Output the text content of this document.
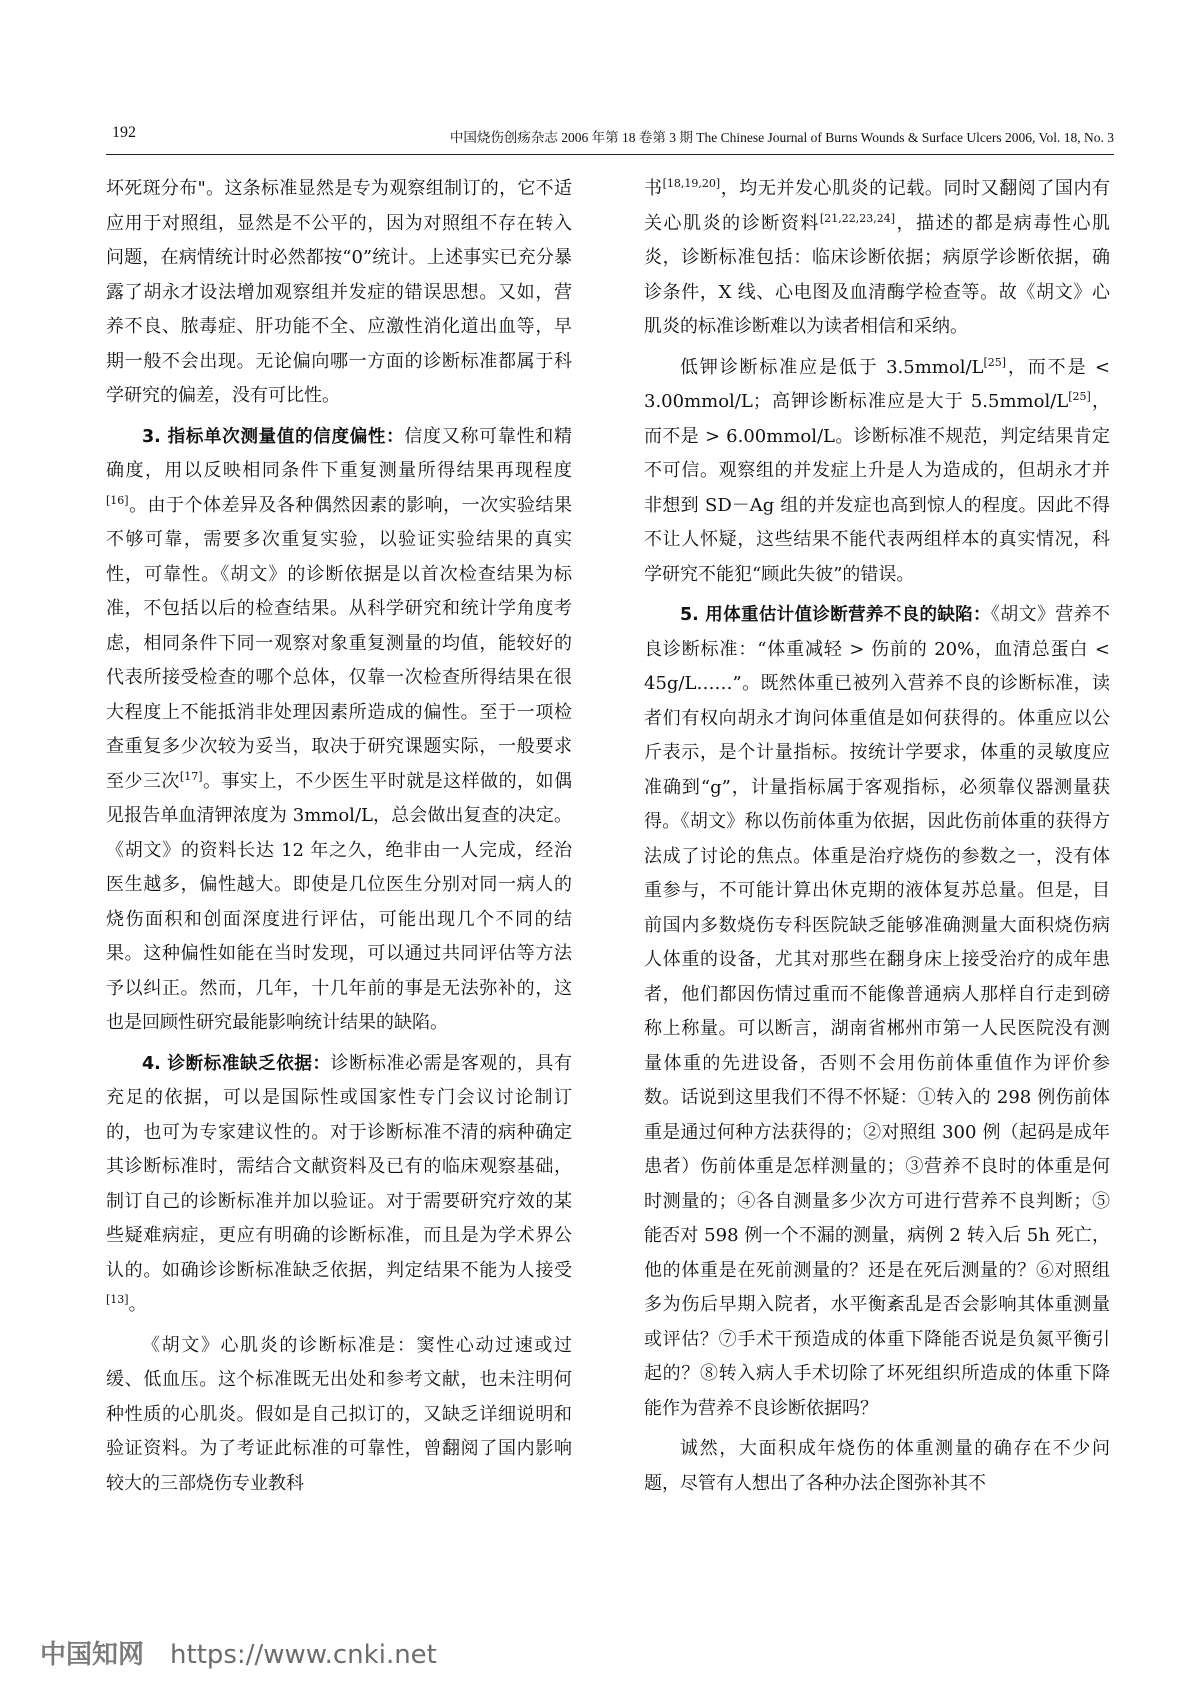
192	中国烧伤创疡杂志 2006 年第 18 卷第 3 期 The Chinese Journal of Burns Wounds & Surface Ulcers 2006, Vol. 18, No. 3

坏死斑分布"。这条标准显然是专为观察组制订的，它不适应用于对照组，显然是不公平的，因为对照组不存在转入问题，在病情统计时必然都按“0”统计。上述事实已充分暴露了胡永才设法增加观察组并发症的错误思想。又如，营养不良、脓毒症、肝功能不全、应激性消化道出血等，早期一般不会出现。无论偏向哪一方面的诊断标准都属于科学研究的偏差，没有可比性。

3. 指标单次测量值的信度偏性：信度又称可靠性和精确度，用以反映相同条件下重复测量所得结果再现程度[16]。由于个体差异及各种偶然因素的影响，一次实验结果不够可靠，需要多次重复实验，以验证实验结果的真实性，可靠性。《胡文》的诊断依据是以首次检查结果为标准，不包括以后的检查结果。从科学研究和统计学角度考虑，相同条件下同一观察对象重复测量的均值，能较好的代表所接受检查的哪个总体，仅靠一次检查所得结果在很大程度上不能抵消非处理因素所造成的偏性。至于一项检查重复多少次较为妥当，取决于研究课题实际，一般要求至少三次[17]。事实上，不少医生平时就是这样做的，如偶见报告单血清钾浓度为 3mmol/L，总会做出复查的决定。《胡文》的资料长达 12 年之久，绝非由一人完成，经治医生越多，偏性越大。即使是几位医生分别对同一病人的烧伤面积和创面深度进行评估，可能出现几个不同的结果。这种偏性如能在当时发现，可以通过共同评估等方法予以纠正。然而，几年，十几年前的事是无法弥补的，这也是回顾性研究最能影响统计结果的缺陷。

4. 诊断标准缺乏依据：诊断标准必需是客观的，具有充足的依据，可以是国际性或国家性专门会议讨论制订的，也可为专家建议性的。对于诊断标准不清的病种确定其诊断标准时，需结合文献资料及已有的临床观察基础，制订自己的诊断标准并加以验证。对于需要研究疗效的某些疑难病症，更应有明确的诊断标准，而且是为学术界公认的。如确诊诊断标准缺乏依据，判定结果不能为人接受[13]。

《胡文》心肌炎的诊断标准是：窦性心动过速或过缓、低血压。这个标准既无出处和参考文献，也未注明何种性质的心肌炎。假如是自己拟订的，又缺乏详细说明和验证资料。为了考证此标准的可靠性，曾翻阅了国内影响较大的三部烧伤专业教科

书[18,19,20]，均无并发心肌炎的记载。同时又翻阅了国内有关心肌炎的诊断资料[21,22,23,24]，描述的都是病毒性心肌炎，诊断标准包括：临床诊断依据；病原学诊断依据，确诊条件，X 线、心电图及血清酶学检查等。故《胡文》心肌炎的标准诊断难以为读者相信和采纳。

低钾诊断标准应是低于 3.5mmol/L[25]，而不是 < 3.00mmol/L；高钾诊断标准应是大于 5.5mmol/L[25]，而不是 > 6.00mmol/L。诊断标准不规范，判定结果肯定不可信。观察组的并发症上升是人为造成的，但胡永才并非想到 SD－Ag 组的并发症也高到惊人的程度。因此不得不让人怀疑，这些结果不能代表两组样本的真实情况，科学研究不能犯“顾此失彼”的错误。

5. 用体重估计值诊断营养不良的缺陷：《胡文》营养不良诊断标准：“体重减轻 > 伤前的 20%，血清总蛋白 < 45g/L……”。既然体重已被列入营养不良的诊断标准，读者们有权向胡永才询问体重值是如何获得的。体重应以公斤表示，是个计量指标。按统计学要求，体重的灵敏度应准确到“g”，计量指标属于客观指标，必须靠仪器测量获得。《胡文》称以伤前体重为依据，因此伤前体重的获得方法成了讨论的焦点。体重是治疗烧伤的参数之一，没有体重参与，不可能计算出休克期的液体复苏总量。但是，目前国内多数烧伤专科医院缺乏能够准确测量大面积烧伤病人体重的设备，尤其对那些在翻身床上接受治疗的成年患者，他们都因伤情过重而不能像普通病人那样自行走到磅称上称量。可以断言，湖南省郴州市第一人民医院没有测量体重的先进设备，否则不会用伤前体重值作为评价参数。话说到这里我们不得不怀疑：①转入的 298 例伤前体重是通过何种方法获得的；②对照组 300 例（起码是成年患者）伤前体重是怎样测量的；③营养不良时的体重是何时测量的；④各自测量多少次方可进行营养不良判断；⑤能否对 598 例一个不漏的测量，病例 2 转入后 5h 死亡，他的体重是在死前测量的？还是在死后测量的？⑥对照组多为伤后早期入院者，水平衡紊乱是否会影响其体重测量或评估？⑦手术干预造成的体重下降能否说是负氮平衡引起的？⑧转入病人手术切除了坏死组织所造成的体重下降能作为营养不良诊断依据吗？

诚然，大面积成年烧伤的体重测量的确存在不少问题，尽管有人想出了各种办法企图弥补其不

中国知网 https://www.cnki.net
